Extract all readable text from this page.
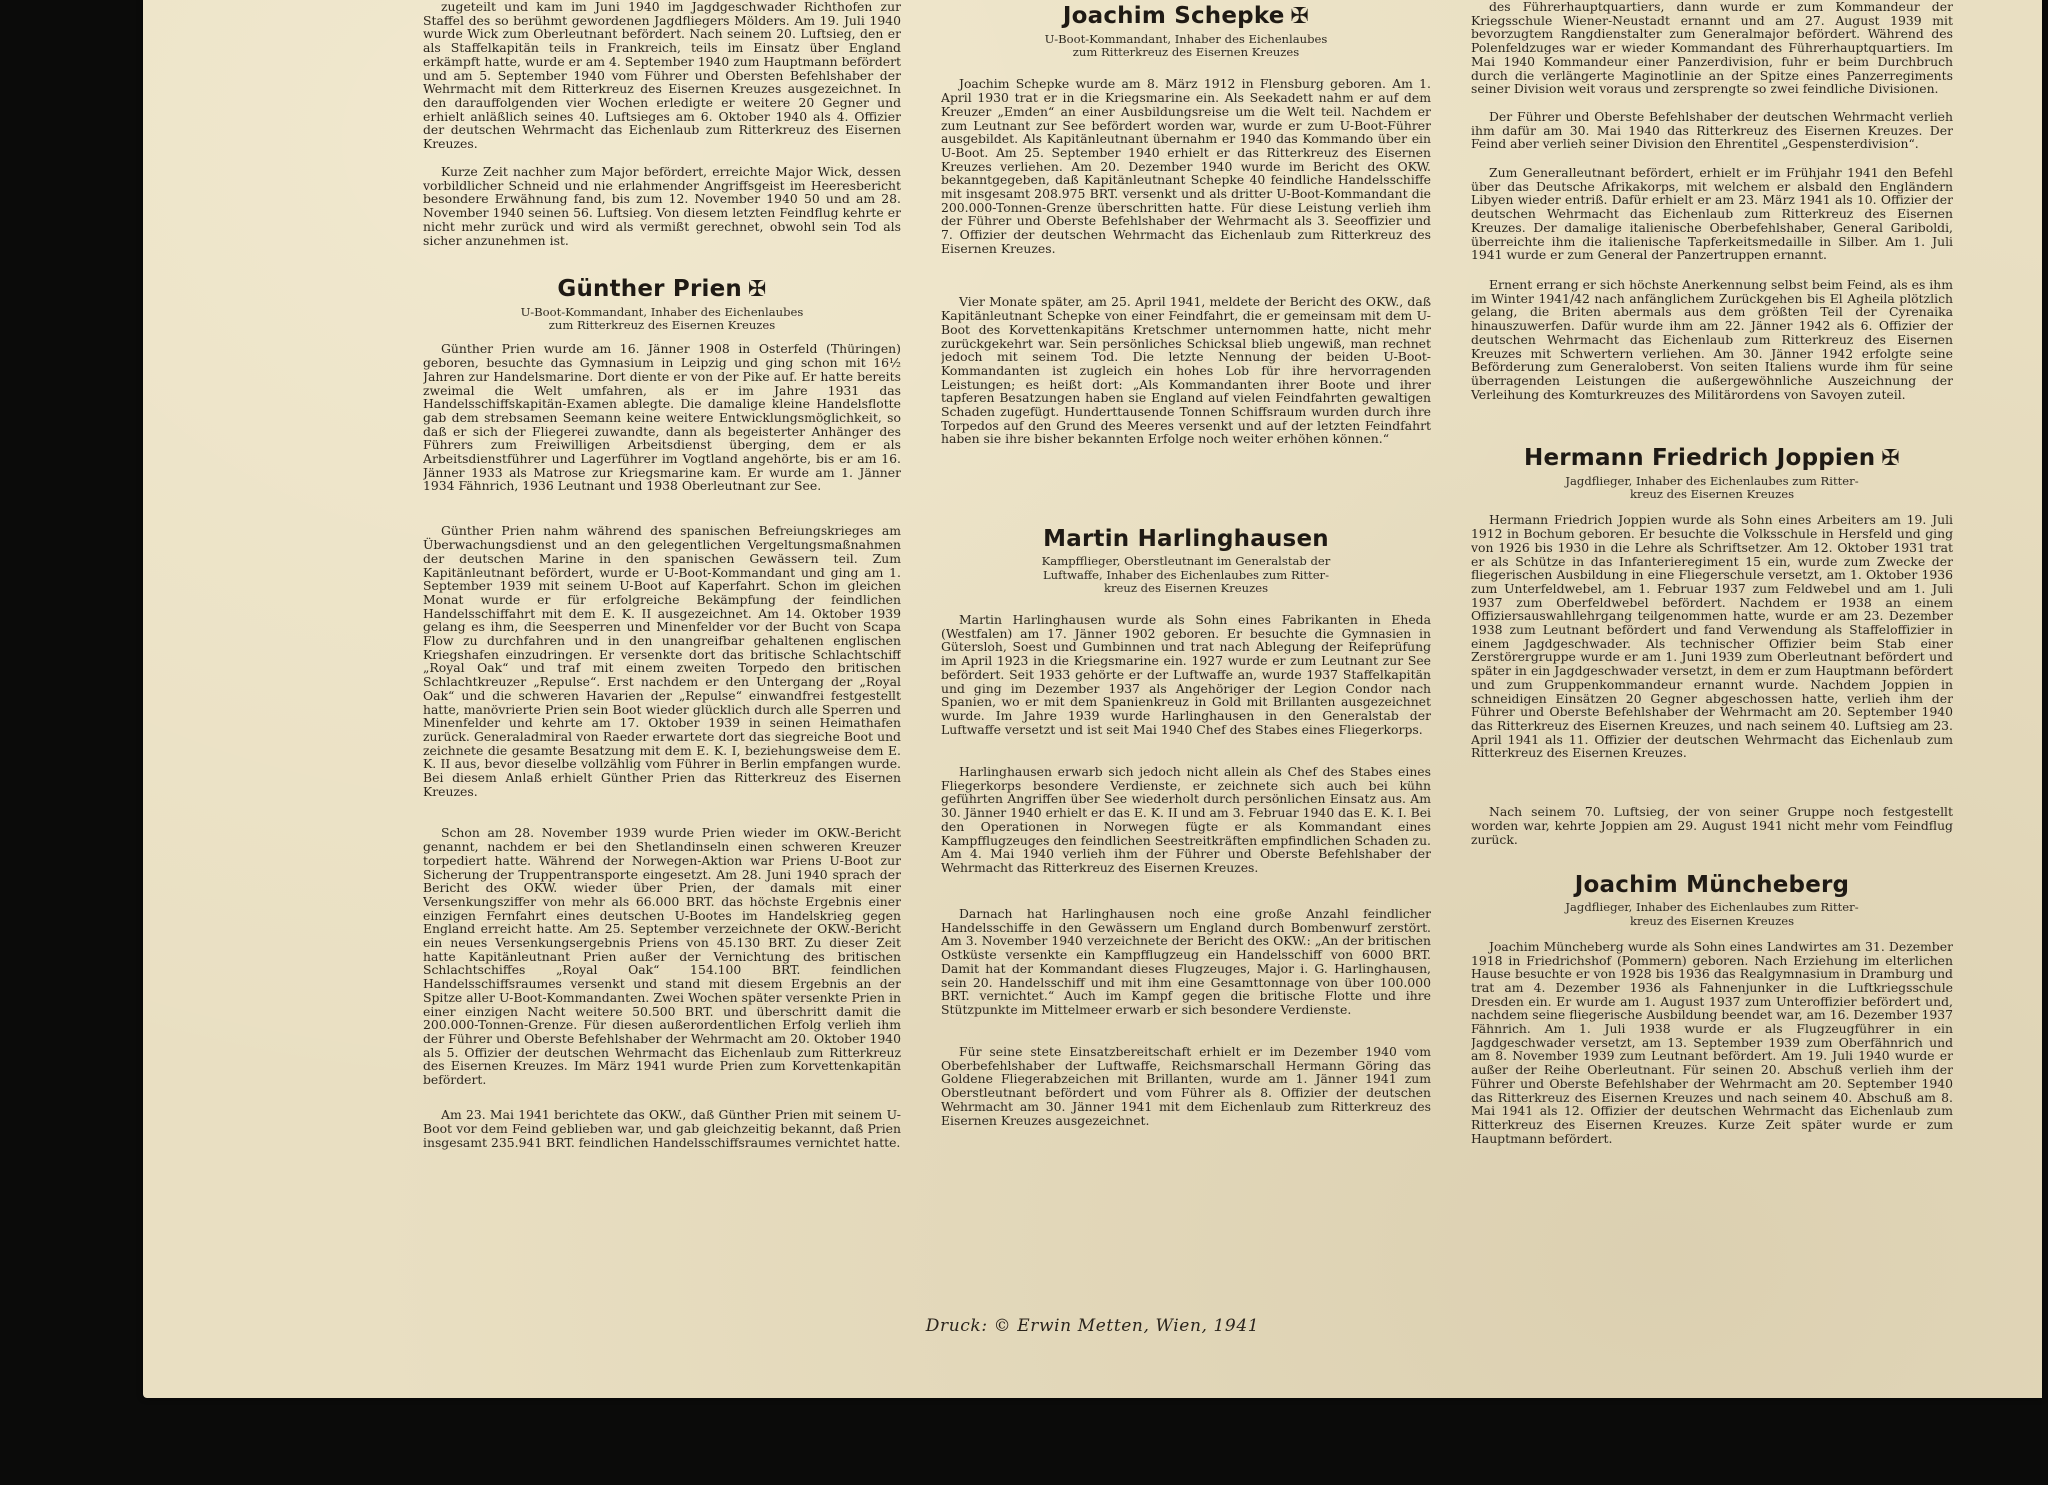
zugeteilt und kam im Juni 1940 im Jagdgeschwader Richthofen zur Staffel des so berühmt gewordenen Jagdfliegers Mölders. Am 19. Juli 1940 wurde Wick zum Oberleutnant befördert. Nach seinem 20. Luftsieg, den er als Staffelkapitän teils in Frankreich, teils im Einsatz über England erkämpft hatte, wurde er am 4. September 1940 zum Hauptmann befördert und am 5. September 1940 vom Führer und Obersten Befehlshaber der Wehrmacht mit dem Ritterkreuz des Eisernen Kreuzes ausgezeichnet. In den darauffolgenden vier Wochen erledigte er weitere 20 Gegner und erhielt anläßlich seines 40. Luftsieges am 6. Oktober 1940 als 4. Offizier der deutschen Wehrmacht das Eichenlaub zum Ritterkreuz des Eisernen Kreuzes.

Kurze Zeit nachher zum Major befördert, erreichte Major Wick, dessen vorbildlicher Schneid und nie erlahmender Angriffsgeist im Heeresbericht besondere Erwähnung fand, bis zum 12. November 1940 50 und am 28. November 1940 seinen 56. Luftsieg. Von diesem letzten Feindflug kehrte er nicht mehr zurück und wird als vermißt gerechnet, obwohl sein Tod als sicher anzunehmen ist.

Günther Prien ✠
U-Boot-Kommandant, Inhaber des Eichenlaubes
zum Ritterkreuz des Eisernen Kreuzes

Günther Prien wurde am 16. Jänner 1908 in Osterfeld (Thüringen) geboren, besuchte das Gymnasium in Leipzig und ging schon mit 16½ Jahren zur Handelsmarine. Dort diente er von der Pike auf. Er hatte bereits zweimal die Welt umfahren, als er im Jahre 1931 das Handelsschiffskapitän-Examen ablegte. Die damalige kleine Handelsflotte gab dem strebsamen Seemann keine weitere Entwicklungsmöglichkeit, so daß er sich der Fliegerei zuwandte, dann als begeisterter Anhänger des Führers zum Freiwilligen Arbeitsdienst überging, dem er als Arbeitsdienstführer und Lagerführer im Vogtland angehörte, bis er am 16. Jänner 1933 als Matrose zur Kriegsmarine kam. Er wurde am 1. Jänner 1934 Fähnrich, 1936 Leutnant und 1938 Oberleutnant zur See.

Günther Prien nahm während des spanischen Befreiungskrieges am Überwachungsdienst und an den gelegentlichen Vergeltungsmaßnahmen der deutschen Marine in den spanischen Gewässern teil. Zum Kapitänleutnant befördert, wurde er U-Boot-Kommandant und ging am 1. September 1939 mit seinem U-Boot auf Kaperfahrt. Schon im gleichen Monat wurde er für erfolgreiche Bekämpfung der feindlichen Handelsschiffahrt mit dem E. K. II ausgezeichnet. Am 14. Oktober 1939 gelang es ihm, die Seesperren und Minenfelder vor der Bucht von Scapa Flow zu durchfahren und in den unangreifbar gehaltenen englischen Kriegshafen einzudringen. Er versenkte dort das britische Schlachtschiff „Royal Oak“ und traf mit einem zweiten Torpedo den britischen Schlachtkreuzer „Repulse“. Erst nachdem er den Untergang der „Royal Oak“ und die schweren Havarien der „Repulse“ einwandfrei festgestellt hatte, manövrierte Prien sein Boot wieder glücklich durch alle Sperren und Minenfelder und kehrte am 17. Oktober 1939 in seinen Heimathafen zurück. Generaladmiral von Raeder erwartete dort das siegreiche Boot und zeichnete die gesamte Besatzung mit dem E. K. I, beziehungsweise dem E. K. II aus, bevor dieselbe vollzählig vom Führer in Berlin empfangen wurde. Bei diesem Anlaß erhielt Günther Prien das Ritterkreuz des Eisernen Kreuzes.

Schon am 28. November 1939 wurde Prien wieder im OKW.-Bericht genannt, nachdem er bei den Shetlandinseln einen schweren Kreuzer torpediert hatte. Während der Norwegen-Aktion war Priens U-Boot zur Sicherung der Truppentransporte eingesetzt. Am 28. Juni 1940 sprach der Bericht des OKW. wieder über Prien, der damals mit einer Versenkungsziffer von mehr als 66.000 BRT. das höchste Ergebnis einer einzigen Fernfahrt eines deutschen U-Bootes im Handelskrieg gegen England erreicht hatte. Am 25. September verzeichnete der OKW.-Bericht ein neues Versenkungsergebnis Priens von 45.130 BRT. Zu dieser Zeit hatte Kapitänleutnant Prien außer der Vernichtung des britischen Schlachtschiffes „Royal Oak“ 154.100 BRT. feindlichen Handelsschiffsraumes versenkt und stand mit diesem Ergebnis an der Spitze aller U-Boot-Kommandanten. Zwei Wochen später versenkte Prien in einer einzigen Nacht weitere 50.500 BRT. und überschritt damit die 200.000-Tonnen-Grenze. Für diesen außerordentlichen Erfolg verlieh ihm der Führer und Oberste Befehlshaber der Wehrmacht am 20. Oktober 1940 als 5. Offizier der deutschen Wehrmacht das Eichenlaub zum Ritterkreuz des Eisernen Kreuzes. Im März 1941 wurde Prien zum Korvettenkapitän befördert.

Am 23. Mai 1941 berichtete das OKW., daß Günther Prien mit seinem U-Boot vor dem Feind geblieben war, und gab gleichzeitig bekannt, daß Prien insgesamt 235.941 BRT. feindlichen Handelsschiffsraumes vernichtet hatte.

Joachim Schepke ✠
U-Boot-Kommandant, Inhaber des Eichenlaubes
zum Ritterkreuz des Eisernen Kreuzes

Joachim Schepke wurde am 8. März 1912 in Flensburg geboren. Am 1. April 1930 trat er in die Kriegsmarine ein. Als Seekadett nahm er auf dem Kreuzer „Emden“ an einer Ausbildungsreise um die Welt teil. Nachdem er zum Leutnant zur See befördert worden war, wurde er zum U-Boot-Führer ausgebildet. Als Kapitänleutnant übernahm er 1940 das Kommando über ein U-Boot. Am 25. September 1940 erhielt er das Ritterkreuz des Eisernen Kreuzes verliehen. Am 20. Dezember 1940 wurde im Bericht des OKW. bekanntgegeben, daß Kapitänleutnant Schepke 40 feindliche Handelsschiffe mit insgesamt 208.975 BRT. versenkt und als dritter U-Boot-Kommandant die 200.000-Tonnen-Grenze überschritten hatte. Für diese Leistung verlieh ihm der Führer und Oberste Befehlshaber der Wehrmacht als 3. Seeoffizier und 7. Offizier der deutschen Wehrmacht das Eichenlaub zum Ritterkreuz des Eisernen Kreuzes.

Vier Monate später, am 25. April 1941, meldete der Bericht des OKW., daß Kapitänleutnant Schepke von einer Feindfahrt, die er gemeinsam mit dem U-Boot des Korvettenkapitäns Kretschmer unternommen hatte, nicht mehr zurückgekehrt war. Sein persönliches Schicksal blieb ungewiß, man rechnet jedoch mit seinem Tod. Die letzte Nennung der beiden U-Boot-Kommandanten ist zugleich ein hohes Lob für ihre hervorragenden Leistungen; es heißt dort: „Als Kommandanten ihrer Boote und ihrer tapferen Besatzungen haben sie England auf vielen Feindfahrten gewaltigen Schaden zugefügt. Hunderttausende Tonnen Schiffsraum wurden durch ihre Torpedos auf den Grund des Meeres versenkt und auf der letzten Feindfahrt haben sie ihre bisher bekannten Erfolge noch weiter erhöhen können.“

Martin Harlinghausen
Kampfflieger, Oberstleutnant im Generalstab der
Luftwaffe, Inhaber des Eichenlaubes zum Ritter-
kreuz des Eisernen Kreuzes

Martin Harlinghausen wurde als Sohn eines Fabrikanten in Eheda (Westfalen) am 17. Jänner 1902 geboren. Er besuchte die Gymnasien in Gütersloh, Soest und Gumbinnen und trat nach Ablegung der Reifeprüfung im April 1923 in die Kriegsmarine ein. 1927 wurde er zum Leutnant zur See befördert. Seit 1933 gehörte er der Luftwaffe an, wurde 1937 Staffelkapitän und ging im Dezember 1937 als Angehöriger der Legion Condor nach Spanien, wo er mit dem Spanienkreuz in Gold mit Brillanten ausgezeichnet wurde. Im Jahre 1939 wurde Harlinghausen in den Generalstab der Luftwaffe versetzt und ist seit Mai 1940 Chef des Stabes eines Fliegerkorps.

Harlinghausen erwarb sich jedoch nicht allein als Chef des Stabes eines Fliegerkorps besondere Verdienste, er zeichnete sich auch bei kühn geführten Angriffen über See wiederholt durch persönlichen Einsatz aus. Am 30. Jänner 1940 erhielt er das E. K. II und am 3. Februar 1940 das E. K. I. Bei den Operationen in Norwegen fügte er als Kommandant eines Kampfflugzeuges den feindlichen Seestreitkräften empfindlichen Schaden zu. Am 4. Mai 1940 verlieh ihm der Führer und Oberste Befehlshaber der Wehrmacht das Ritterkreuz des Eisernen Kreuzes.

Darnach hat Harlinghausen noch eine große Anzahl feindlicher Handelsschiffe in den Gewässern um England durch Bombenwurf zerstört. Am 3. November 1940 verzeichnete der Bericht des OKW.: „An der britischen Ostküste versenkte ein Kampfflugzeug ein Handelsschiff von 6000 BRT. Damit hat der Kommandant dieses Flugzeuges, Major i. G. Harlinghausen, sein 20. Handelsschiff und mit ihm eine Gesamttonnage von über 100.000 BRT. vernichtet.“ Auch im Kampf gegen die britische Flotte und ihre Stützpunkte im Mittelmeer erwarb er sich besondere Verdienste.

Für seine stete Einsatzbereitschaft erhielt er im Dezember 1940 vom Oberbefehlshaber der Luftwaffe, Reichsmarschall Hermann Göring das Goldene Fliegerabzeichen mit Brillanten, wurde am 1. Jänner 1941 zum Oberstleutnant befördert und vom Führer als 8. Offizier der deutschen Wehrmacht am 30. Jänner 1941 mit dem Eichenlaub zum Ritterkreuz des Eisernen Kreuzes ausgezeichnet.

des Führerhauptquartiers, dann wurde er zum Kommandeur der Kriegsschule Wiener-Neustadt ernannt und am 27. August 1939 mit bevorzugtem Rangdienstalter zum Generalmajor befördert. Während des Polenfeldzuges war er wieder Kommandant des Führerhauptquartiers. Im Mai 1940 Kommandeur einer Panzerdivision, fuhr er beim Durchbruch durch die verlängerte Maginotlinie an der Spitze eines Panzerregiments seiner Division weit voraus und zersprengte so zwei feindliche Divisionen.

Der Führer und Oberste Befehlshaber der deutschen Wehrmacht verlieh ihm dafür am 30. Mai 1940 das Ritterkreuz des Eisernen Kreuzes. Der Feind aber verlieh seiner Division den Ehrentitel „Gespensterdivision“.

Zum Generalleutnant befördert, erhielt er im Frühjahr 1941 den Befehl über das Deutsche Afrikakorps, mit welchem er alsbald den Engländern Libyen wieder entriß. Dafür erhielt er am 23. März 1941 als 10. Offizier der deutschen Wehrmacht das Eichenlaub zum Ritterkreuz des Eisernen Kreuzes. Der damalige italienische Oberbefehlshaber, General Gariboldi, überreichte ihm die italienische Tapferkeitsmedaille in Silber. Am 1. Juli 1941 wurde er zum General der Panzertruppen ernannt.

Ernent errang er sich höchste Anerkennung selbst beim Feind, als es ihm im Winter 1941/42 nach anfänglichem Zurückgehen bis El Agheila plötzlich gelang, die Briten abermals aus dem größten Teil der Cyrenaika hinauszuwerfen. Dafür wurde ihm am 22. Jänner 1942 als 6. Offizier der deutschen Wehrmacht das Eichenlaub zum Ritterkreuz des Eisernen Kreuzes mit Schwertern verliehen. Am 30. Jänner 1942 erfolgte seine Beförderung zum Generaloberst. Von seiten Italiens wurde ihm für seine überragenden Leistungen die außergewöhnliche Auszeichnung der Verleihung des Komturkreuzes des Militärordens von Savoyen zuteil.

Hermann Friedrich Joppien ✠
Jagdflieger, Inhaber des Eichenlaubes zum Ritter-
kreuz des Eisernen Kreuzes

Hermann Friedrich Joppien wurde als Sohn eines Arbeiters am 19. Juli 1912 in Bochum geboren. Er besuchte die Volksschule in Hersfeld und ging von 1926 bis 1930 in die Lehre als Schriftsetzer. Am 12. Oktober 1931 trat er als Schütze in das Infanterieregiment 15 ein, wurde zum Zwecke der fliegerischen Ausbildung in eine Fliegerschule versetzt, am 1. Oktober 1936 zum Unterfeldwebel, am 1. Februar 1937 zum Feldwebel und am 1. Juli 1937 zum Oberfeldwebel befördert. Nachdem er 1938 an einem Offiziersauswahllehrgang teilgenommen hatte, wurde er am 23. Dezember 1938 zum Leutnant befördert und fand Verwendung als Staffeloffizier in einem Jagdgeschwader. Als technischer Offizier beim Stab einer Zerstörergruppe wurde er am 1. Juni 1939 zum Oberleutnant befördert und später in ein Jagdgeschwader versetzt, in dem er zum Hauptmann befördert und zum Gruppenkommandeur ernannt wurde. Nachdem Joppien in schneidigen Einsätzen 20 Gegner abgeschossen hatte, verlieh ihm der Führer und Oberste Befehlshaber der Wehrmacht am 20. September 1940 das Ritterkreuz des Eisernen Kreuzes, und nach seinem 40. Luftsieg am 23. April 1941 als 11. Offizier der deutschen Wehrmacht das Eichenlaub zum Ritterkreuz des Eisernen Kreuzes.

Nach seinem 70. Luftsieg, der von seiner Gruppe noch festgestellt worden war, kehrte Joppien am 29. August 1941 nicht mehr vom Feindflug zurück.

Joachim Müncheberg
Jagdflieger, Inhaber des Eichenlaubes zum Ritter-
kreuz des Eisernen Kreuzes

Joachim Müncheberg wurde als Sohn eines Landwirtes am 31. Dezember 1918 in Friedrichshof (Pommern) geboren. Nach Erziehung im elterlichen Hause besuchte er von 1928 bis 1936 das Realgymnasium in Dramburg und trat am 4. Dezember 1936 als Fahnenjunker in die Luftkriegsschule Dresden ein. Er wurde am 1. August 1937 zum Unteroffizier befördert und, nachdem seine fliegerische Ausbildung beendet war, am 16. Dezember 1937 Fähnrich. Am 1. Juli 1938 wurde er als Flugzeugführer in ein Jagdgeschwader versetzt, am 13. September 1939 zum Oberfähnrich und am 8. November 1939 zum Leutnant befördert. Am 19. Juli 1940 wurde er außer der Reihe Oberleutnant. Für seinen 20. Abschuß verlieh ihm der Führer und Oberste Befehlshaber der Wehrmacht am 20. September 1940 das Ritterkreuz des Eisernen Kreuzes und nach seinem 40. Abschuß am 8. Mai 1941 als 12. Offizier der deutschen Wehrmacht das Eichenlaub zum Ritterkreuz des Eisernen Kreuzes. Kurze Zeit später wurde er zum Hauptmann befördert.

Druck: © Erwin Metten, Wien, 1941
